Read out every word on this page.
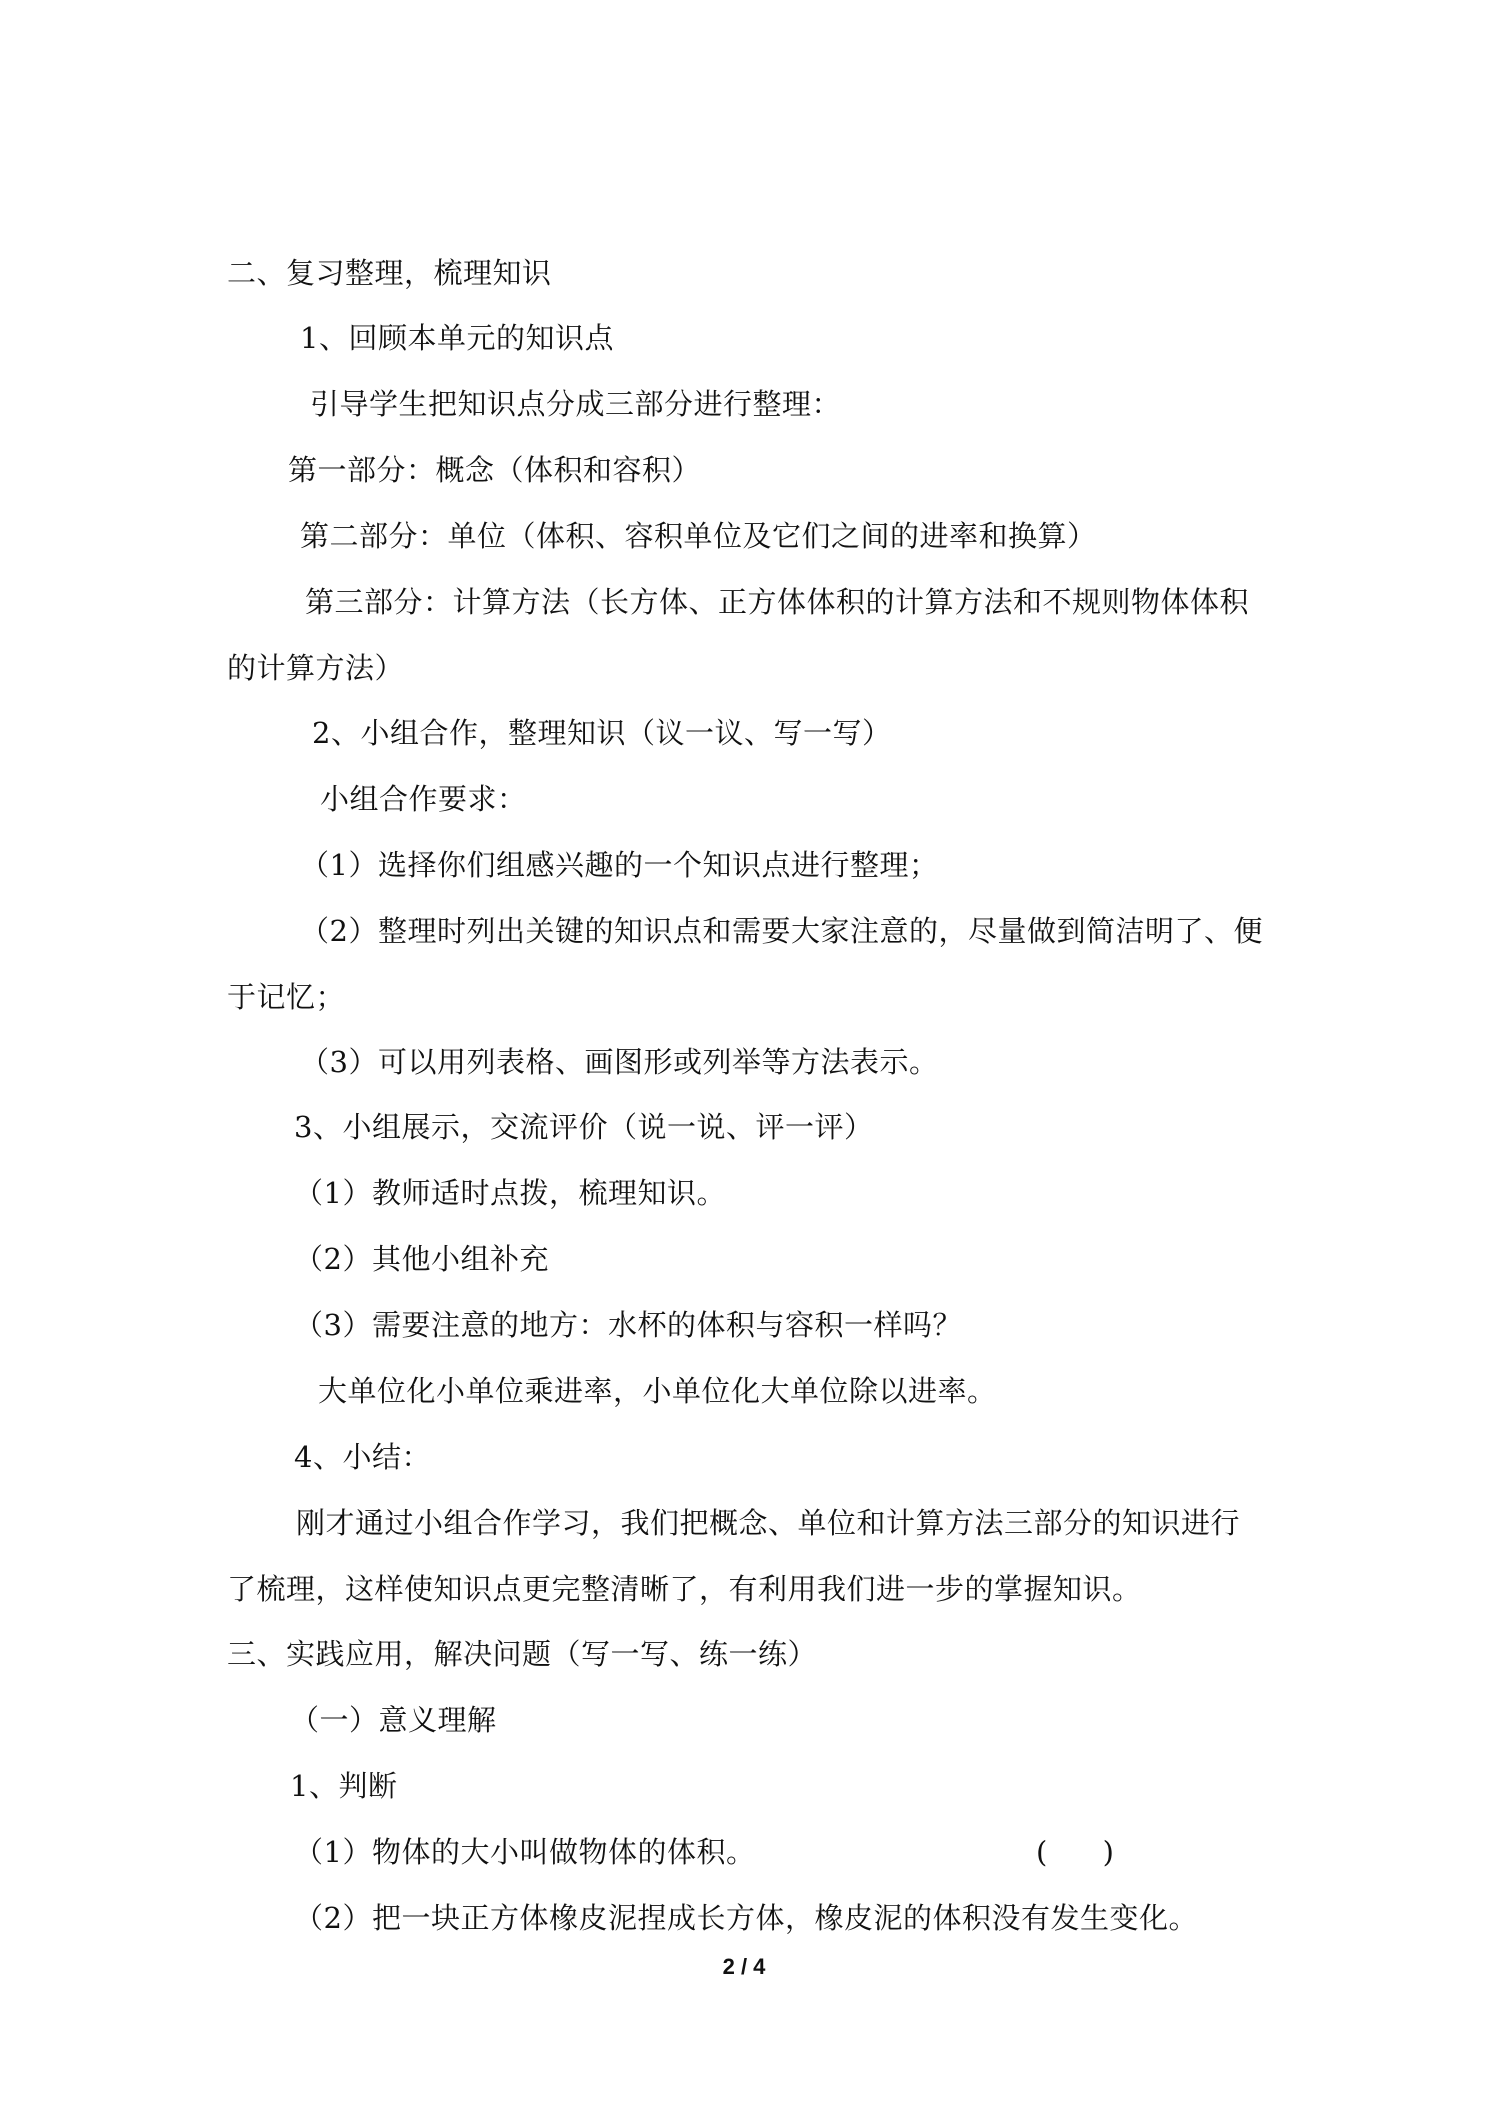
二、复习整理，梳理知识
1、回顾本单元的知识点
引导学生把知识点分成三部分进行整理：
第一部分：概念（体积和容积）
第二部分：单位（体积、容积单位及它们之间的进率和换算）
第三部分：计算方法（长方体、正方体体积的计算方法和不规则物体体积
的计算方法）
2、小组合作，整理知识（议一议、写一写）
小组合作要求：
（1）选择你们组感兴趣的一个知识点进行整理；
（2）整理时列出关键的知识点和需要大家注意的，尽量做到简洁明了、便
于记忆；
（3）可以用列表格、画图形或列举等方法表示。
3、小组展示，交流评价（说一说、评一评）
（1）教师适时点拨，梳理知识。
（2）其他小组补充
（3）需要注意的地方：水杯的体积与容积一样吗？
大单位化小单位乘进率，小单位化大单位除以进率。
4、小结：
刚才通过小组合作学习，我们把概念、单位和计算方法三部分的知识进行
了梳理，这样使知识点更完整清晰了，有利用我们进一步的掌握知识。
三、实践应用，解决问题（写一写、练一练）
（一）意义理解
1、判断
（1）物体的大小叫做物体的体积。	(      )
（2）把一块正方体橡皮泥捏成长方体，橡皮泥的体积没有发生变化。
2 / 4
